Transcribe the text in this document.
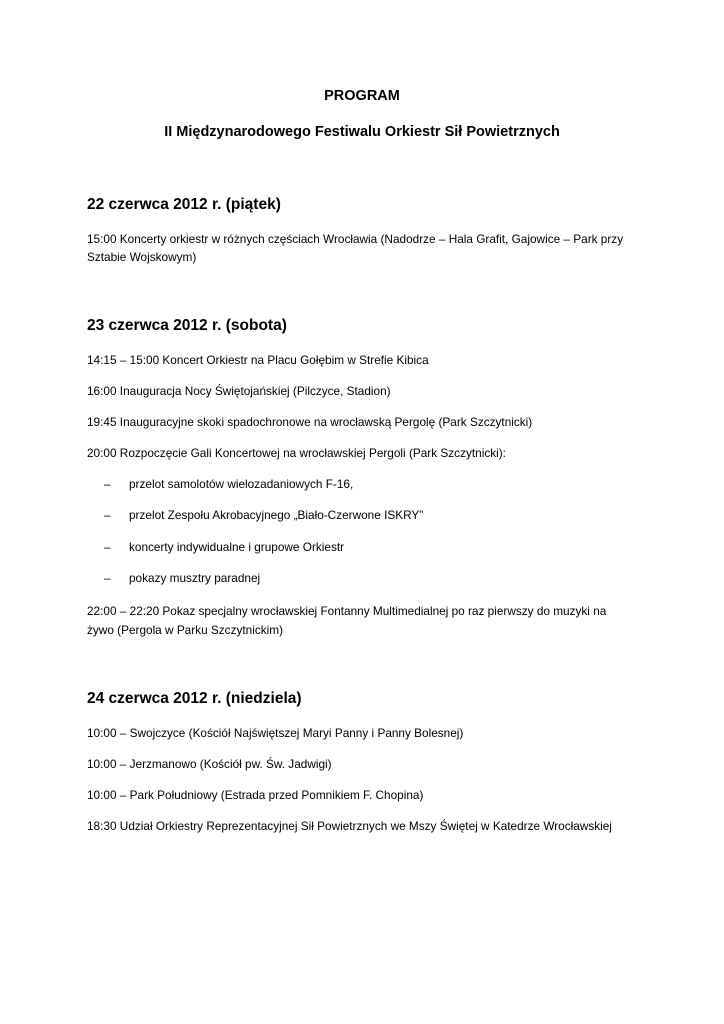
PROGRAM
II Międzynarodowego Festiwalu Orkiestr Sił Powietrznych
22 czerwca 2012 r. (piątek)
15:00 Koncerty orkiestr w różnych częściach Wrocławia (Nadodrze – Hala Grafit, Gajowice – Park przy
Sztabie Wojskowym)
23 czerwca 2012 r. (sobota)
14:15 – 15:00 Koncert Orkiestr na Placu Gołębim w Strefie Kibica
16:00 Inauguracja Nocy Świętojańskiej (Pilczyce, Stadion)
19:45 Inauguracyjne skoki spadochronowe na wrocławską Pergolę (Park Szczytnicki)
20:00 Rozpoczęcie Gali Koncertowej na wrocławskiej Pergoli (Park Szczytnicki):
– przelot samolotów wielozadaniowych F-16,
– przelot Zespołu Akrobacyjnego „Biało-Czerwone ISKRY”
– koncerty indywidualne i grupowe Orkiestr
– pokazy musztry paradnej
22:00 – 22:20 Pokaz specjalny wrocławskiej Fontanny Multimedialnej po raz pierwszy do muzyki na
żywo (Pergola w Parku Szczytnickim)
24 czerwca 2012 r. (niedziela)
10:00 – Swojczyce (Kościół Najświętszej Maryi Panny i Panny Bolesnej)
10:00 – Jerzmanowo (Kościół pw. Św. Jadwigi)
10:00 – Park Południowy (Estrada przed Pomnikiem F. Chopina)
18:30 Udział Orkiestry Reprezentacyjnej Sił Powietrznych we Mszy Świętej w Katedrze Wrocławskiej
